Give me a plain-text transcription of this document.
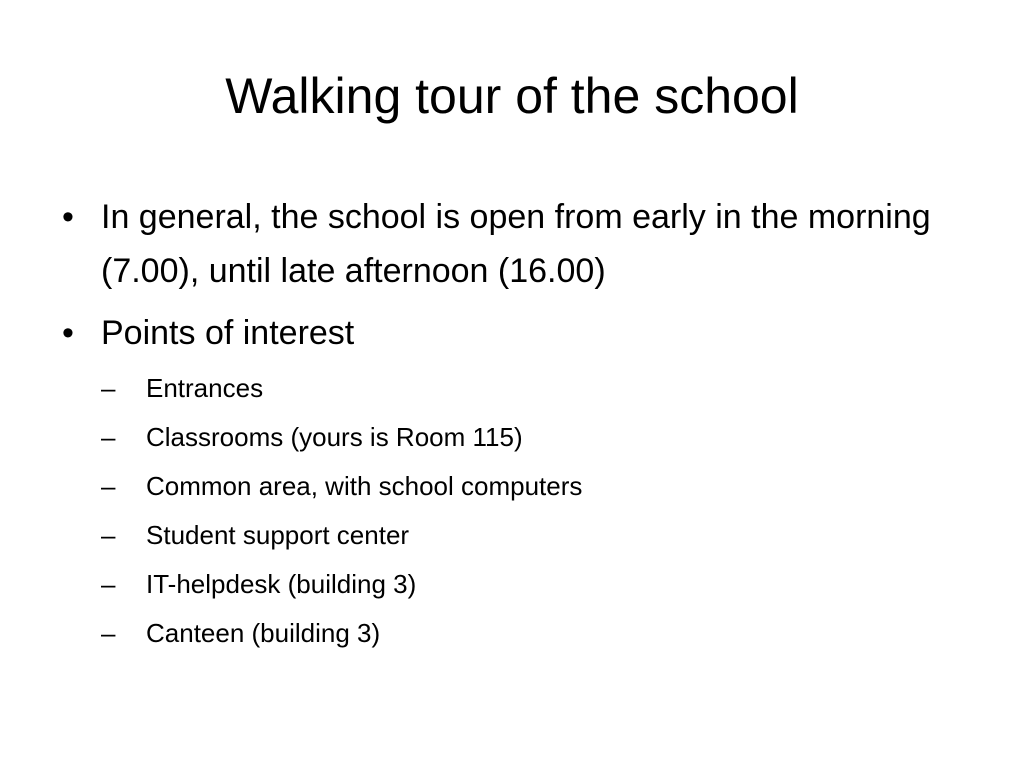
Walking tour of the school
• In general, the school is open from early in the morning (7.00), until late afternoon (16.00)
• Points of interest
–	Entrances
–	Classrooms (yours is Room 115)
–	Common area, with school computers
–	Student support center
–	IT-helpdesk (building 3)
–	Canteen (building 3)
